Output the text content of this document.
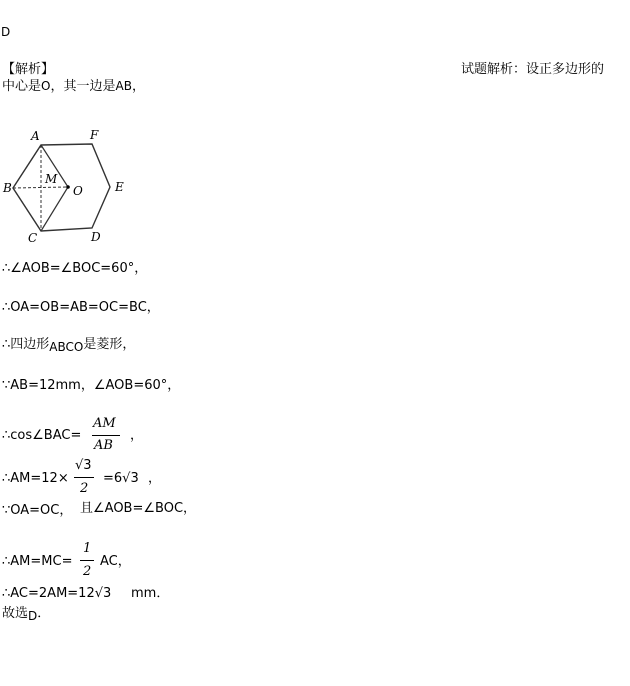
D
【解析】	试题解析：设正多边形的
中心是O，其一边是AB，
A	F
B
M
O	E
C	D
∴∠AOB=∠BOC=60°，
∴OA=OB=AB=OC=BC，
∴四边形ABCO是菱形，
∵AB=12mm，∠AOB=60°，
∴cos∠BAC=
AM
AB
，
∴AM=12×
√3
2
=6√3 ，
∵OA=OC， 且∠AOB=∠BOC，
∴AM=MC=
1
2
AC，
∴AC=2AM=12√3 mm．
故选D．
